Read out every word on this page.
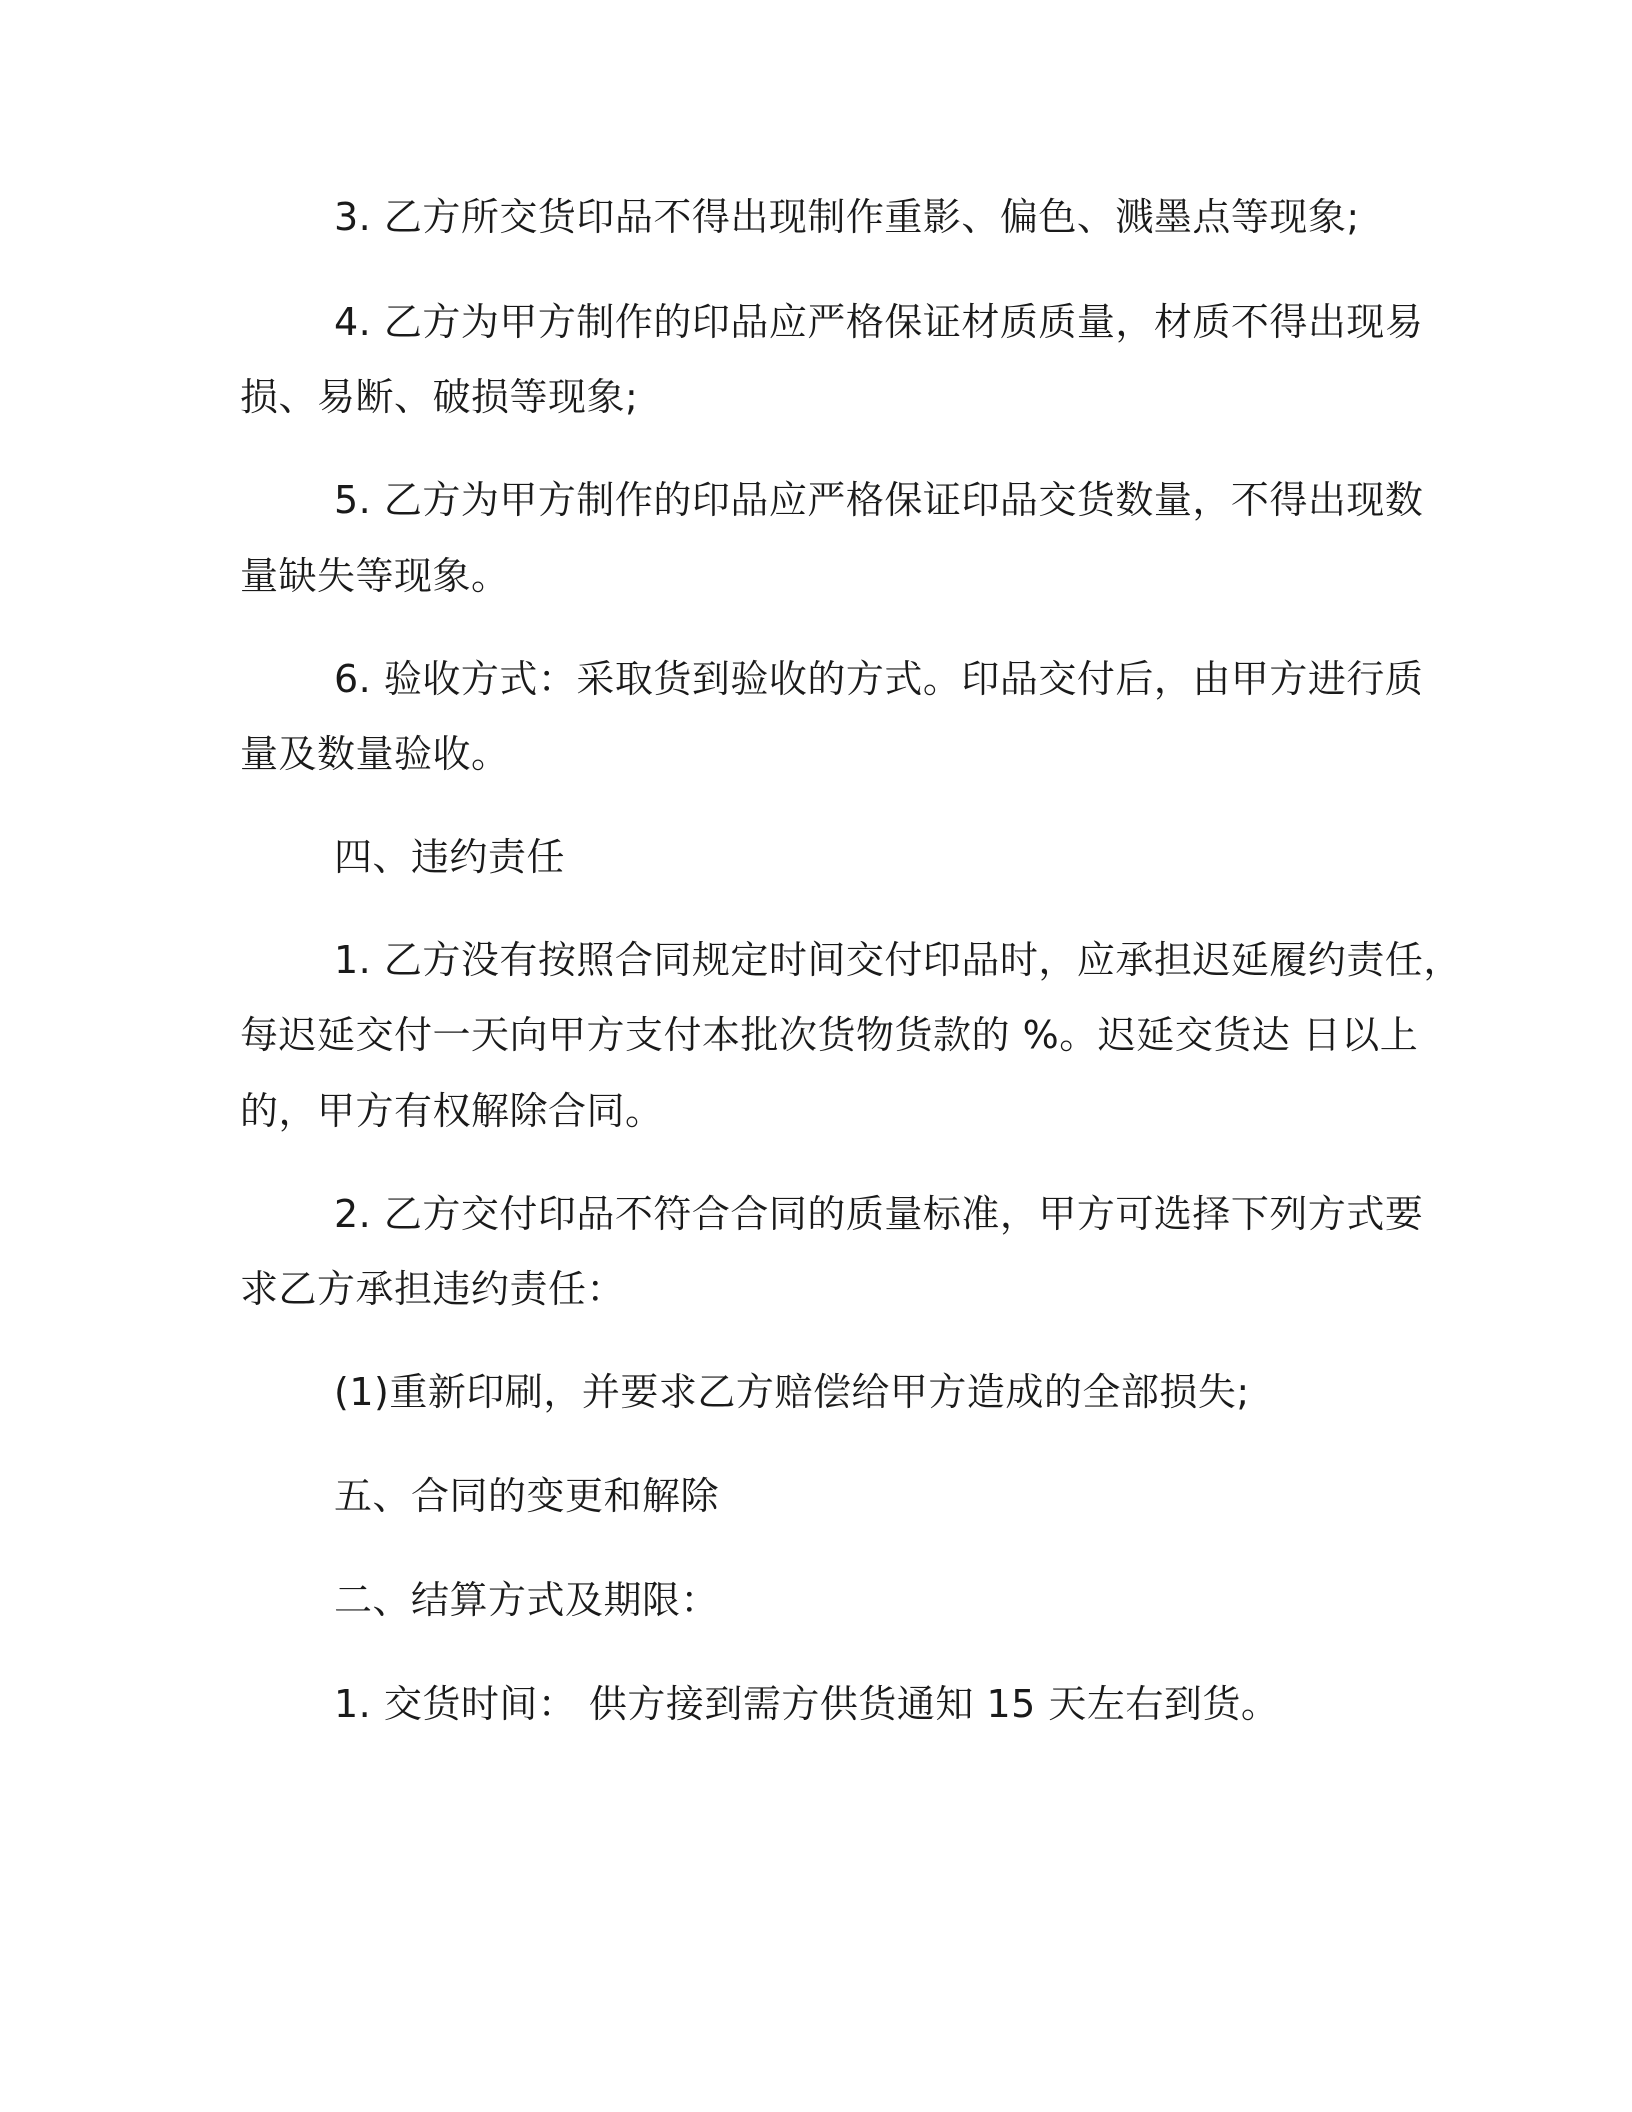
3. 乙方所交货印品不得出现制作重影、偏色、溅墨点等现象;
4. 乙方为甲方制作的印品应严格保证材质质量，材质不得出现易
损、易断、破损等现象;
5. 乙方为甲方制作的印品应严格保证印品交货数量，不得出现数
量缺失等现象。
6. 验收方式：采取货到验收的方式。印品交付后，由甲方进行质
量及数量验收。
四、违约责任
1. 乙方没有按照合同规定时间交付印品时，应承担迟延履约责任，
每迟延交付一天向甲方支付本批次货物货款的 %。迟延交货达 日以上
的，甲方有权解除合同。
2. 乙方交付印品不符合合同的质量标准，甲方可选择下列方式要
求乙方承担违约责任：
(1)重新印刷，并要求乙方赔偿给甲方造成的全部损失;
五、合同的变更和解除
二、结算方式及期限：
1. 交货时间： 供方接到需方供货通知 15 天左右到货。
